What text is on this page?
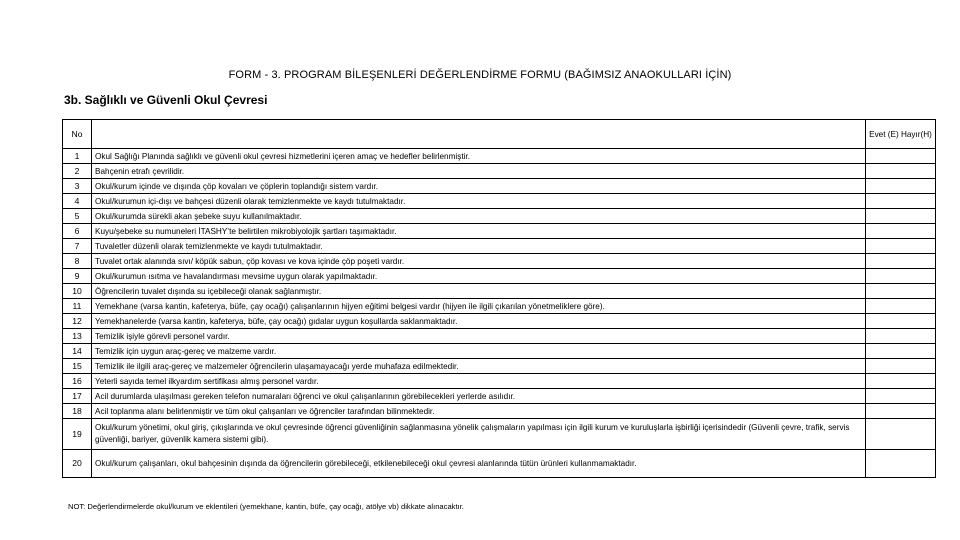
FORM - 3. PROGRAM BİLEŞENLERİ DEĞERLENDİRME FORMU (BAĞIMSIZ ANAOKULLARI İÇİN)
3b. Sağlıklı ve Güvenli Okul Çevresi
No		Evet (E) Hayır(H)
1	Okul Sağlığı Planında sağlıklı ve güvenli okul çevresi hizmetlerini içeren amaç ve hedefler belirlenmiştir.	
2	Bahçenin etrafı çevrilidir.	
3	Okul/kurum içinde ve dışında çöp kovaları ve çöplerin toplandığı sistem vardır.	
4	Okul/kurumun içi-dışı ve bahçesi düzenli olarak temizlenmekte ve kaydı tutulmaktadır.	
5	Okul/kurumda sürekli akan şebeke suyu kullanılmaktadır.	
6	Kuyu/şebeke su numuneleri İTASHY’te belirtilen mikrobiyolojik şartları taşımaktadır.	
7	Tuvaletler düzenli olarak temizlenmekte ve kaydı tutulmaktadır.	
8	Tuvalet ortak alanında sıvı/ köpük sabun, çöp kovası ve kova içinde çöp poşeti vardır.	
9	Okul/kurumun ısıtma ve havalandırması mevsime uygun olarak yapılmaktadır.	
10	Öğrencilerin tuvalet dışında su içebileceği olanak sağlanmıştır.	
11	Yemekhane (varsa kantin, kafeterya, büfe, çay ocağı) çalışanlarının hijyen eğitimi belgesi vardır (hijyen ile ilgili çıkarılan yönetmeliklere göre).	
12	Yemekhanelerde (varsa kantin, kafeterya, büfe, çay ocağı) gıdalar uygun koşullarda saklanmaktadır.	
13	Temizlik işiyle görevli personel vardır.	
14	Temizlik için uygun araç-gereç ve malzeme vardır.	
15	Temizlik ile ilgili araç-gereç ve malzemeler öğrencilerin ulaşamayacağı yerde muhafaza edilmektedir.	
16	Yeterli sayıda temel ilkyardım sertifikası almış personel vardır.	
17	Acil durumlarda ulaşılması gereken telefon numaraları öğrenci ve okul çalışanlarının görebilecekleri yerlerde asılıdır.	
18	Acil toplanma alanı belirlenmiştir ve tüm okul çalışanları ve öğrenciler tarafından bilinmektedir.	
19	Okul/kurum yönetimi, okul giriş, çıkışlarında ve okul çevresinde öğrenci güvenliğinin sağlanmasına yönelik çalışmaların yapılması için ilgili kurum ve kuruluşlarla işbirliği içerisindedir (Güvenli çevre, trafik, servis güvenliği, bariyer, güvenlik kamera sistemi gibi).	
20	Okul/kurum çalışanları, okul bahçesinin dışında da öğrencilerin görebileceği, etkilenebileceği okul çevresi alanlarında tütün ürünleri kullanmamaktadır.	
NOT: Değerlendirmelerde okul/kurum ve eklentileri (yemekhane, kantin, büfe, çay ocağı, atölye vb) dikkate alınacaktır.
